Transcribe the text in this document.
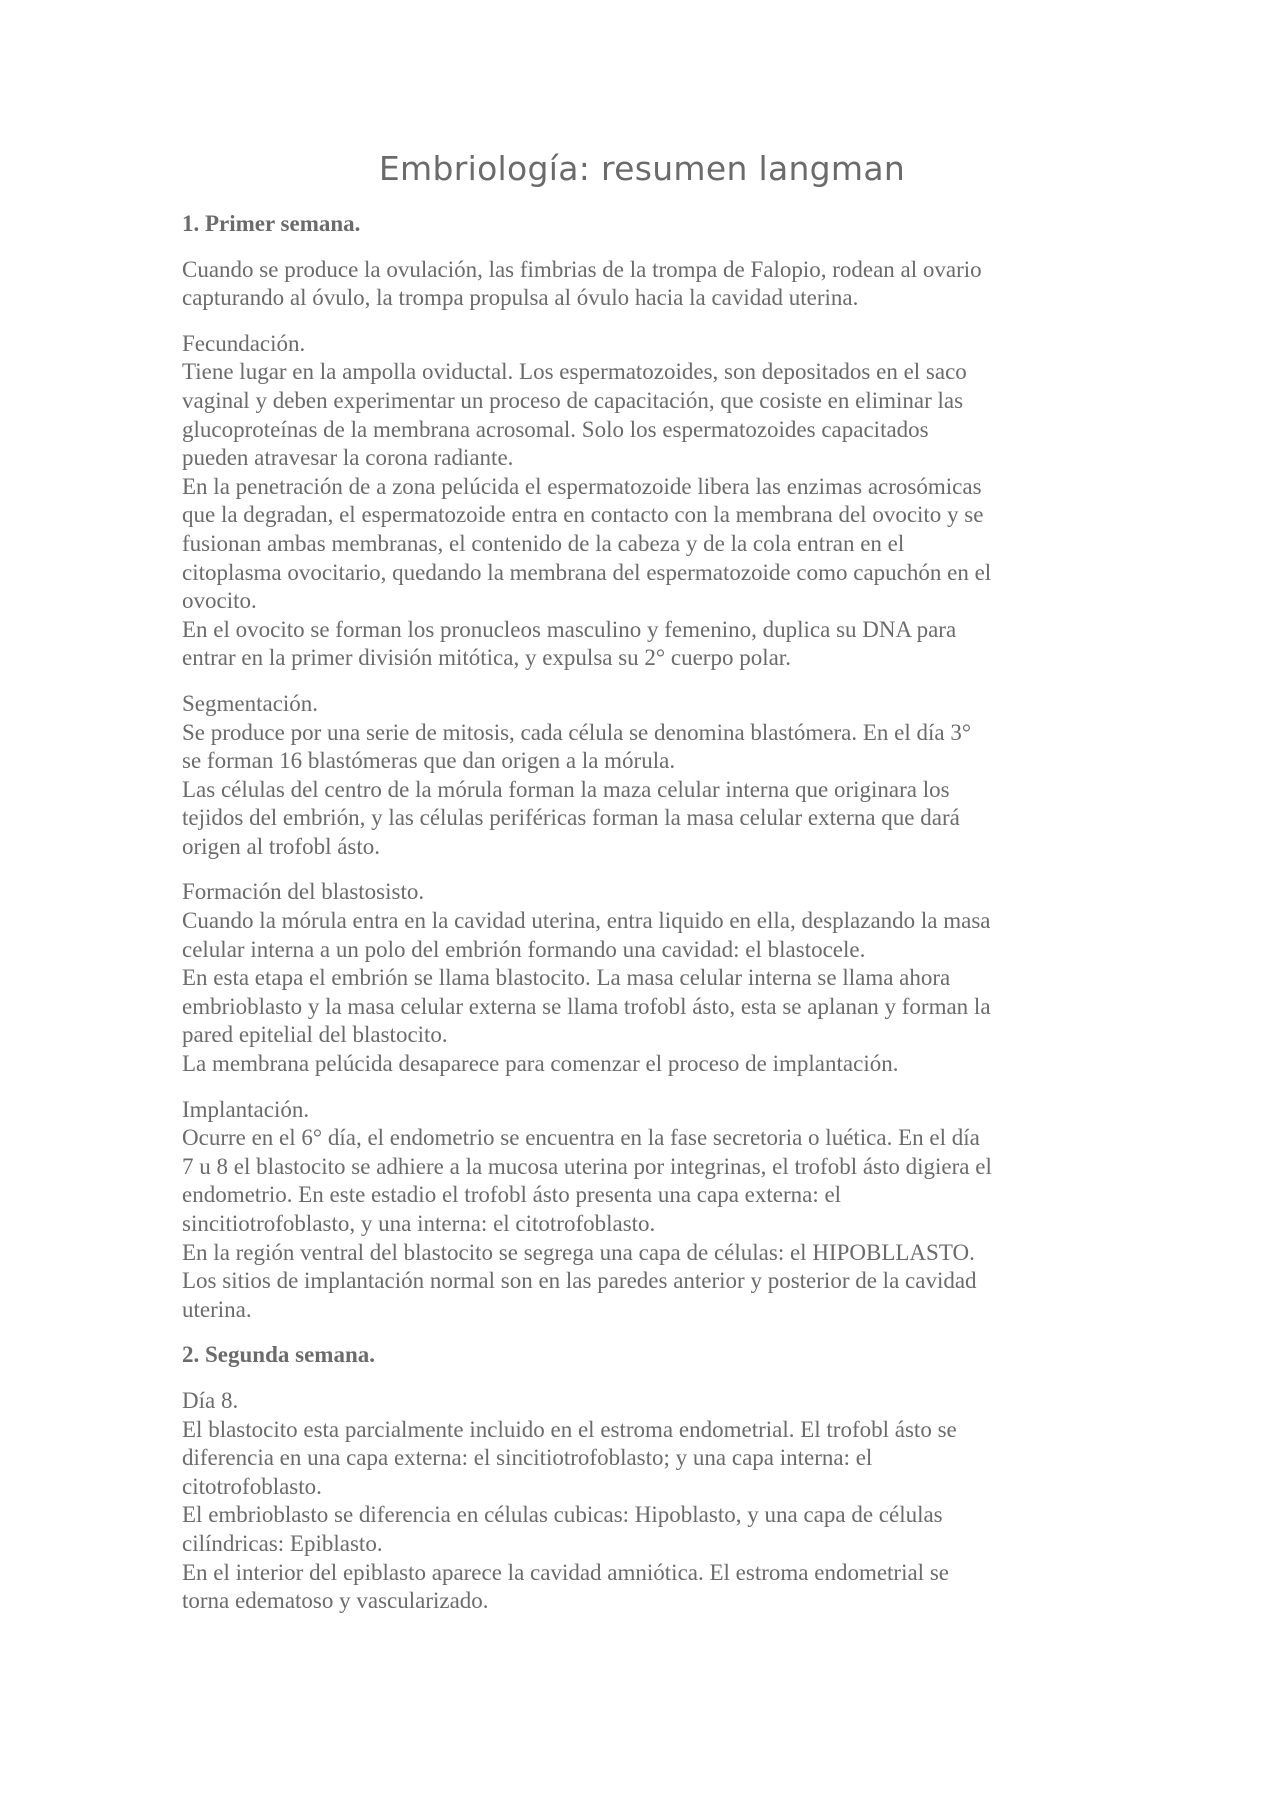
Embriología: resumen langman
1. Primer semana.
Cuando se produce la ovulación, las fimbrias de la trompa de Falopio, rodean al ovario
capturando al óvulo, la trompa propulsa al óvulo hacia la cavidad uterina.
Fecundación.
Tiene lugar en la ampolla oviductal. Los espermatozoides, son depositados en el saco
vaginal y deben experimentar un proceso de capacitación, que cosiste en eliminar las
glucoproteínas de la membrana acrosomal. Solo los espermatozoides capacitados
pueden atravesar la corona radiante.
En la penetración de a zona pelúcida el espermatozoide libera las enzimas acrosómicas
que la degradan, el espermatozoide entra en contacto con la membrana del ovocito y se
fusionan ambas membranas, el contenido de la cabeza y de la cola entran en el
citoplasma ovocitario, quedando la membrana del espermatozoide como capuchón en el
ovocito.
En el ovocito se forman los pronucleos masculino y femenino, duplica su DNA para
entrar en la primer división mitótica, y expulsa su 2° cuerpo polar.
Segmentación.
Se produce por una serie de mitosis, cada célula se denomina blastómera. En el día 3°
se forman 16 blastómeras que dan origen a la mórula.
Las células del centro de la mórula forman la maza celular interna que originara los
tejidos del embrión, y las células periféricas forman la masa celular externa que dará
origen al trofobl ásto.
Formación del blastosisto.
Cuando la mórula entra en la cavidad uterina, entra liquido en ella, desplazando la masa
celular interna a un polo del embrión formando una cavidad: el blastocele.
En esta etapa el embrión se llama blastocito. La masa celular interna se llama ahora
embrioblasto y la masa celular externa se llama trofobl ásto, esta se aplanan y forman la
pared epitelial del blastocito.
La membrana pelúcida desaparece para comenzar el proceso de implantación.
Implantación.
Ocurre en el 6° día, el endometrio se encuentra en la fase secretoria o luética. En el día
7 u 8 el blastocito se adhiere a la mucosa uterina por integrinas, el trofobl ásto digiera el
endometrio. En este estadio el trofobl ásto presenta una capa externa: el
sincitiotrofoblasto, y una interna: el citotrofoblasto.
En la región ventral del blastocito se segrega una capa de células: el HIPOBLLASTO.
Los sitios de implantación normal son en las paredes anterior y posterior de la cavidad
uterina.
2. Segunda semana.
Día 8.
El blastocito esta parcialmente incluido en el estroma endometrial. El trofobl ásto se
diferencia en una capa externa: el sincitiotrofoblasto; y una capa interna: el
citotrofoblasto.
El embrioblasto se diferencia en células cubicas: Hipoblasto, y una capa de células
cilíndricas: Epiblasto.
En el interior del epiblasto aparece la cavidad amniótica. El estroma endometrial se
torna edematoso y vascularizado.
